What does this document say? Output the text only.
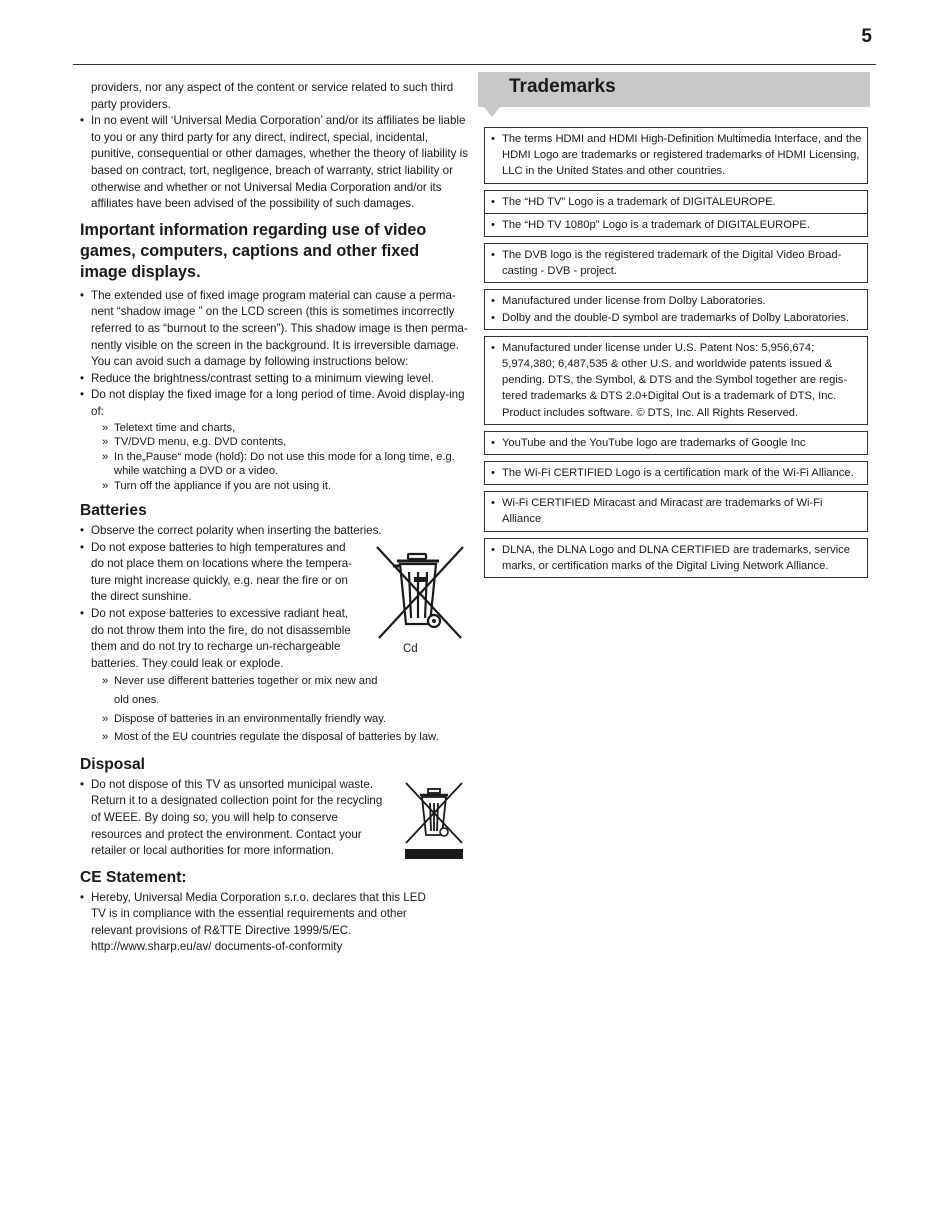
5

providers, nor any aspect of the content or service related to such third party providers.

• In no event will ‘Universal Media Corporation’ and/or its affiliates be liable to you or any third party for any direct, indirect, special, incidental, punitive, consequential or other damages, whether the theory of liability is based on contract, tort, negligence, breach of warranty, strict liability or otherwise and whether or not Universal Media Corporation and/or its affiliates have been advised of the possibility of such damages.

Important information regarding use of video games, computers, captions and other fixed image displays.

• The extended use of fixed image program material can cause a perma-nent “shadow image ” on the LCD screen (this is sometimes incorrectly referred to as “burnout to the screen”). This shadow image is then perma-nently visible on the screen in the background. It is irreversible damage. You can avoid such a damage by following instructions below:

• Reduce the brightness/contrast setting to a minimum viewing level.

• Do not display the fixed image for a long period of time. Avoid display-ing of:

» Teletext time and charts,

» TV/DVD menu, e.g. DVD contents,

» In the„Pause“ mode (hold): Do not use this mode for a long time, e.g. while watching a DVD or a video.

» Turn off the appliance if you are not using it.

Batteries

• Observe the correct polarity when inserting the batteries.

• Do not expose batteries to high temperatures and do not place them on locations where the tempera-ture might increase quickly, e.g. near the fire or on the direct sunshine.

• Do not expose batteries to excessive radiant heat, do not throw them into the fire, do not disassemble them and do not try to recharge un-rechargeable batteries. They could leak or explode.

» Never use different batteries together or mix new and old ones.

» Dispose of batteries in an environmentally friendly way.

» Most of the EU countries regulate the disposal of batteries by law.

Disposal

• Do not dispose of this TV as unsorted municipal waste. Return it to a designated collection point for the recycling of WEEE. By doing so, you will help to conserve resources and protect the environment. Contact your retailer or local authorities for more information.

CE Statement:

• Hereby, Universal Media Corporation s.r.o. declares that this LED TV is in compliance with the essential requirements and other relevant provisions of R&TTE Directive 1999/5/EC. http://www.sharp.eu/av/ documents-of-conformity

Cd
Trademarks

• The terms HDMI and HDMI High-Definition Multimedia Interface, and the HDMI Logo are trademarks or registered trademarks of HDMI Licensing, LLC in the United States and other countries.

• The “HD TV” Logo is a trademark of DIGITALEUROPE.

• The “HD TV 1080p” Logo is a trademark of DIGITALEUROPE.

• The DVB logo is the registered trademark of the Digital Video Broad-casting - DVB - project.

• Manufactured under license from Dolby Laboratories.

• Dolby and the double-D symbol are trademarks of Dolby Laboratories.

• Manufactured under license under U.S. Patent Nos: 5,956,674; 5,974,380; 6,487,535 & other U.S. and worldwide patents issued & pending. DTS, the Symbol, & DTS and the Symbol together are regis-tered trademarks & DTS 2.0+Digital Out is a trademark of DTS, Inc. Product includes software. © DTS, Inc. All Rights Reserved.

• YouTube and the YouTube logo are trademarks of Google Inc

• The Wi-Fi CERTIFIED Logo is a certification mark of the Wi-Fi Alliance.

• Wi-Fi CERTIFIED Miracast and Miracast are trademarks of Wi-Fi Alliance

• DLNA, the DLNA Logo and DLNA CERTIFIED are trademarks, service marks, or certification marks of the Digital Living Network Alliance.
